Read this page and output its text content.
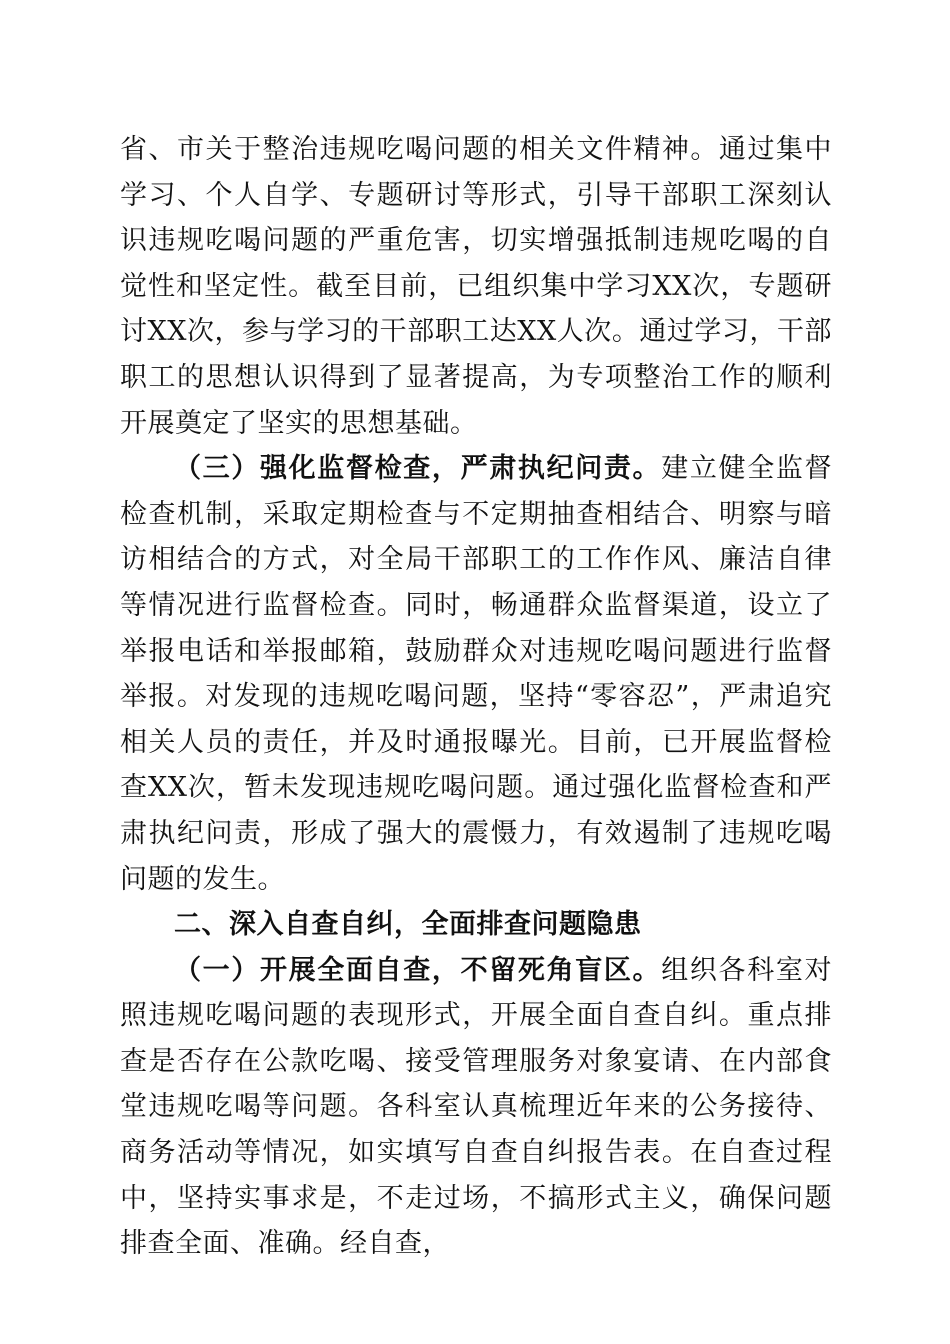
省、市关于整治违规吃喝问题的相关文件精神。通过集中学习、个人自学、专题研讨等形式，引导干部职工深刻认识违规吃喝问题的严重危害，切实增强抵制违规吃喝的自觉性和坚定性。截至目前，已组织集中学习XX次，专题研讨XX次，参与学习的干部职工达XX人次。通过学习，干部职工的思想认识得到了显著提高，为专项整治工作的顺利开展奠定了坚实的思想基础。

（三）强化监督检查，严肃执纪问责。建立健全监督检查机制，采取定期检查与不定期抽查相结合、明察与暗访相结合的方式，对全局干部职工的工作作风、廉洁自律等情况进行监督检查。同时，畅通群众监督渠道，设立了举报电话和举报邮箱，鼓励群众对违规吃喝问题进行监督举报。对发现的违规吃喝问题，坚持“零容忍”，严肃追究相关人员的责任，并及时通报曝光。目前，已开展监督检查XX次，暂未发现违规吃喝问题。通过强化监督检查和严肃执纪问责，形成了强大的震慑力，有效遏制了违规吃喝问题的发生。

二、深入自查自纠，全面排查问题隐患

（一）开展全面自查，不留死角盲区。组织各科室对照违规吃喝问题的表现形式，开展全面自查自纠。重点排查是否存在公款吃喝、接受管理服务对象宴请、在内部食堂违规吃喝等问题。各科室认真梳理近年来的公务接待、商务活动等情况，如实填写自查自纠报告表。在自查过程中，坚持实事求是，不走过场，不搞形式主义，确保问题排查全面、准确。经自查，
